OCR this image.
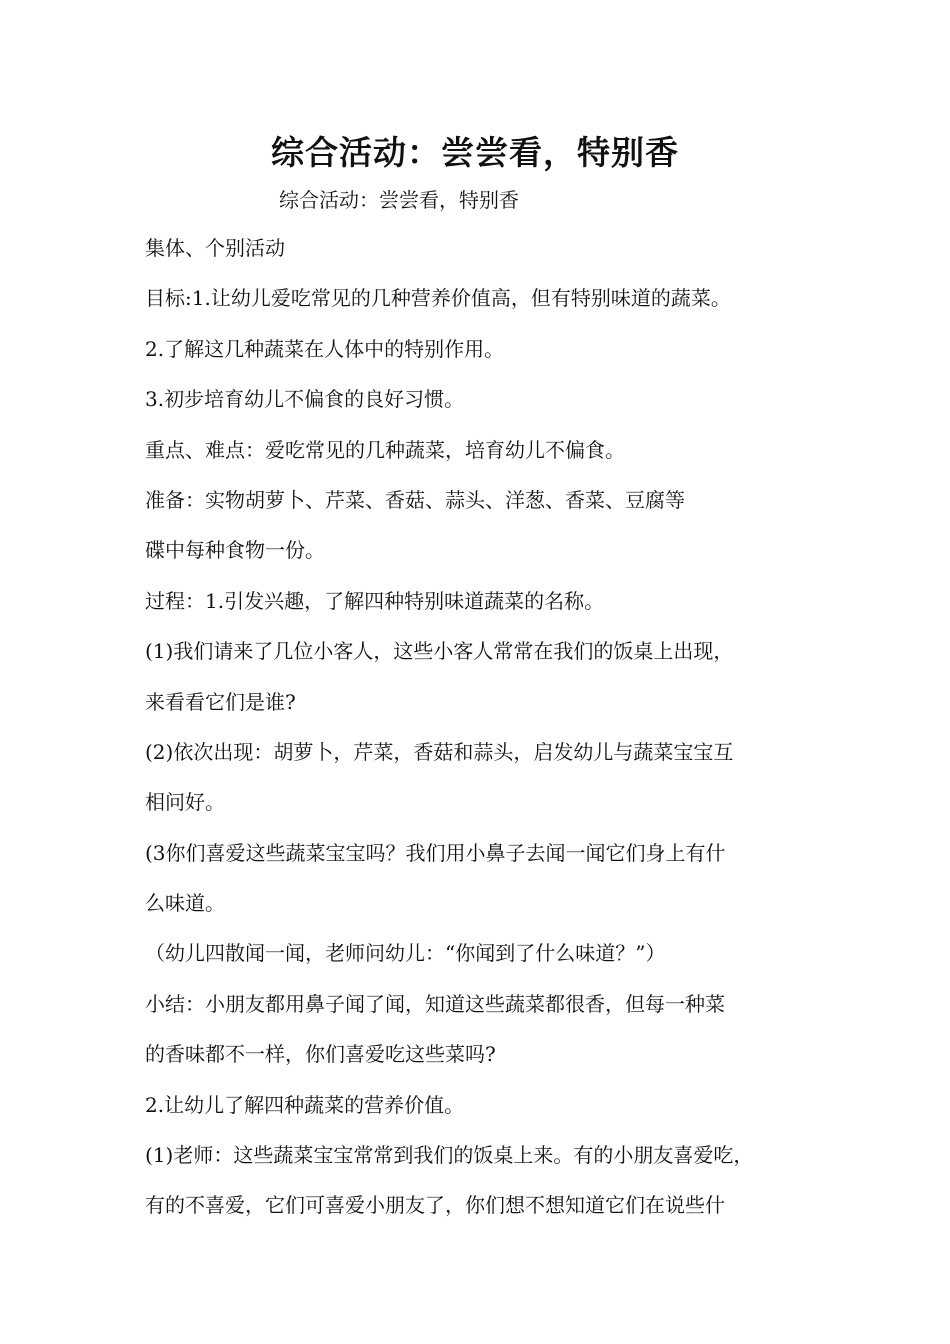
综合活动：尝尝看，特别香
综合活动：尝尝看，特别香
集体、个别活动
目标:1.让幼儿爱吃常见的几种营养价值高，但有特别味道的蔬菜。
2.了解这几种蔬菜在人体中的特别作用。
3.初步培育幼儿不偏食的良好习惯。
重点、难点：爱吃常见的几种蔬菜，培育幼儿不偏食。
准备：实物胡萝卜、芹菜、香菇、蒜头、洋葱、香菜、豆腐等
碟中每种食物一份。
过程：1.引发兴趣，了解四种特别味道蔬菜的名称。
(1)我们请来了几位小客人，这些小客人常常在我们的饭桌上出现，
来看看它们是谁?
(2)依次出现：胡萝卜，芹菜，香菇和蒜头，启发幼儿与蔬菜宝宝互
相问好。
(3你们喜爱这些蔬菜宝宝吗？我们用小鼻子去闻一闻它们身上有什
么味道。
（幼儿四散闻一闻，老师问幼儿：“你闻到了什么味道？”）
小结：小朋友都用鼻子闻了闻，知道这些蔬菜都很香，但每一种菜
的香味都不一样，你们喜爱吃这些菜吗?
2.让幼儿了解四种蔬菜的营养价值。
(1)老师：这些蔬菜宝宝常常到我们的饭桌上来。有的小朋友喜爱吃，
有的不喜爱，它们可喜爱小朋友了，你们想不想知道它们在说些什
